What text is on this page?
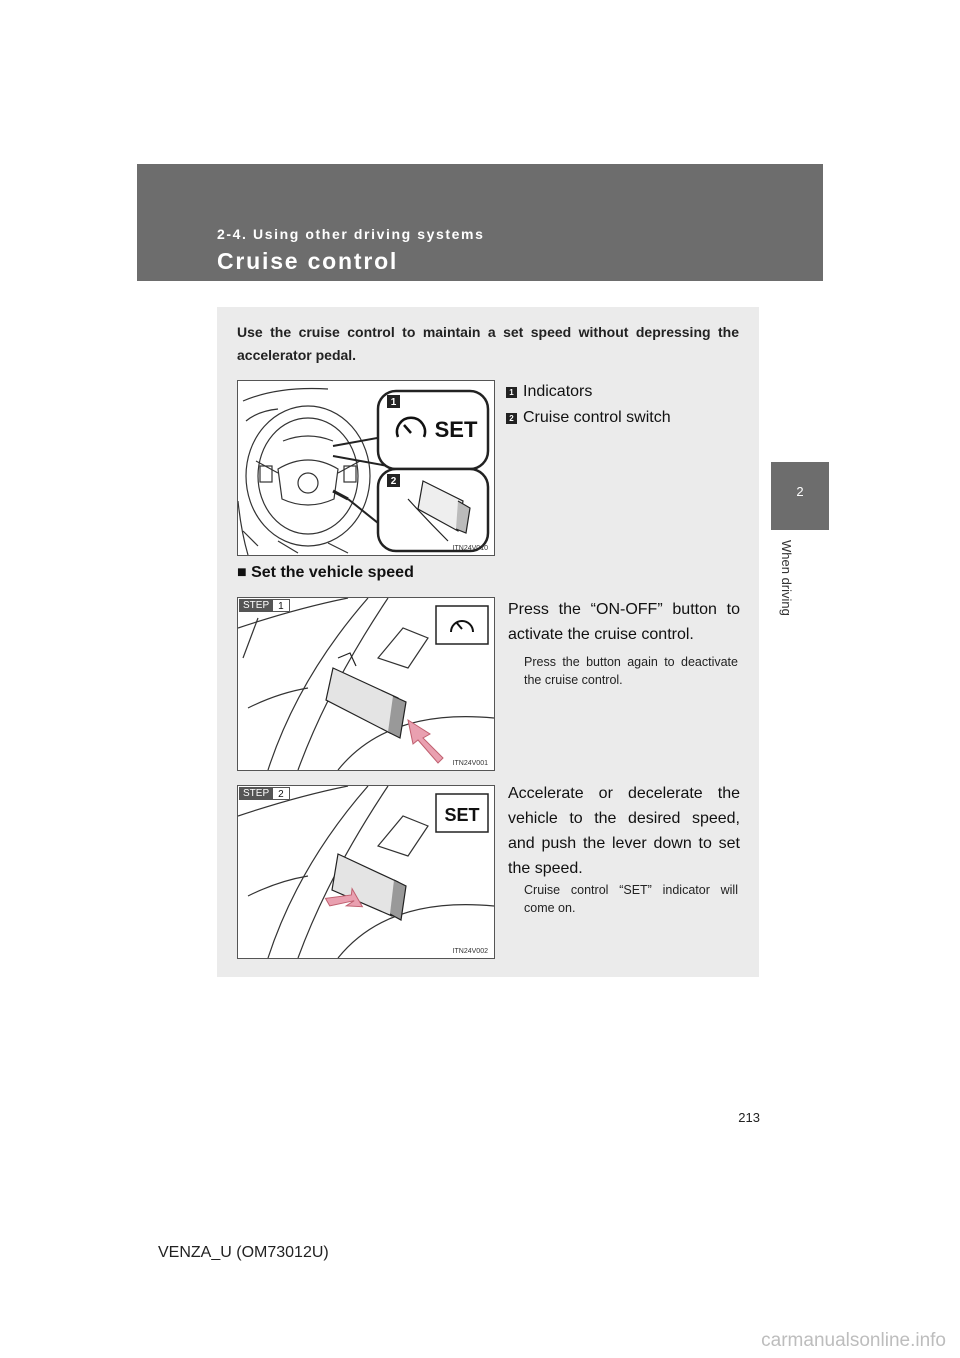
2-4. Using other driving systems
Cruise control
2
When driving
Use the cruise control to maintain a set speed without depressing the accelerator pedal.
1
SET
2
ITN24V010
1 Indicators
2 Cruise control switch
■ Set the vehicle speed
STEP 1
ITN24V001
Press the “ON-OFF” button to activate the cruise control.
Press the button again to deactivate the cruise control.
SET
STEP 2
ITN24V002
Accelerate or decelerate the vehicle to the desired speed, and push the lever down to set the speed.
Cruise control “SET” indicator will come on.
213
VENZA_U (OM73012U)
carmanualsonline.info
